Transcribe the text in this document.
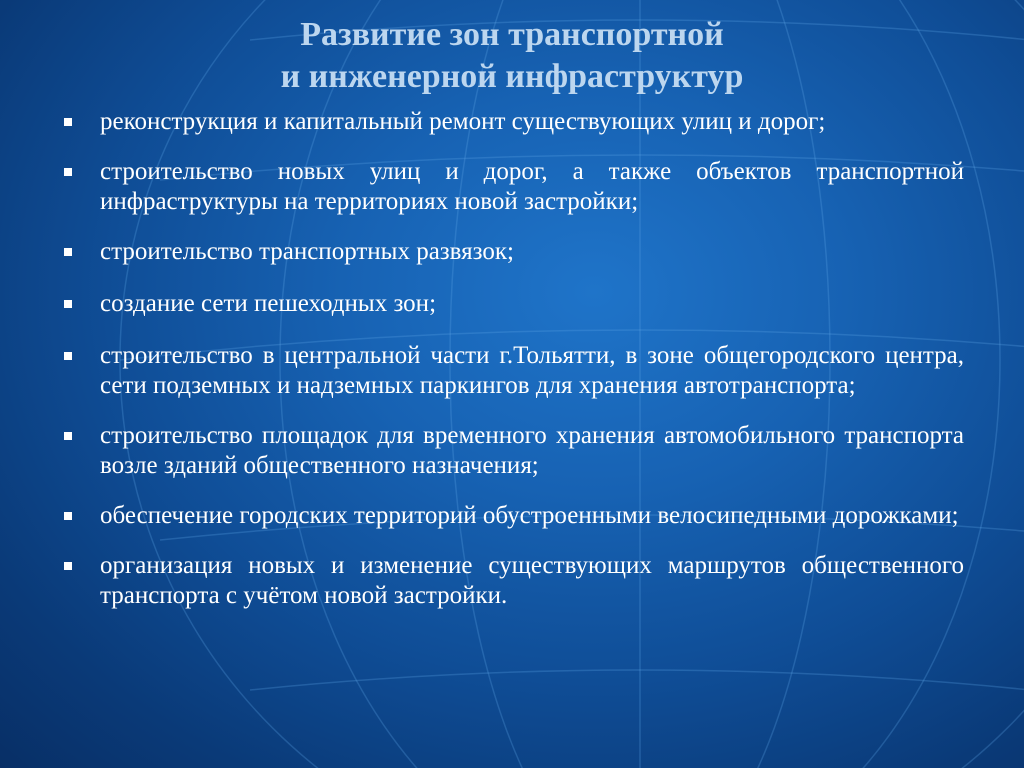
Развитие зон транспортной
и инженерной инфраструктур
реконструкция и капитальный ремонт существующих улиц и дорог;
строительство новых улиц и дорог, а также объектов транспортной инфраструктуры на территориях новой застройки;
строительство транспортных развязок;
создание сети пешеходных зон;
строительство в центральной части г.Тольятти, в зоне общегородского центра, сети подземных и надземных паркингов для хранения автотранспорта;
строительство площадок для временного хранения автомобильного транспорта возле зданий общественного назначения;
обеспечение городских территорий обустроенными велосипедными дорожками;
организация новых и изменение существующих маршрутов общественного транспорта с учётом новой застройки.
